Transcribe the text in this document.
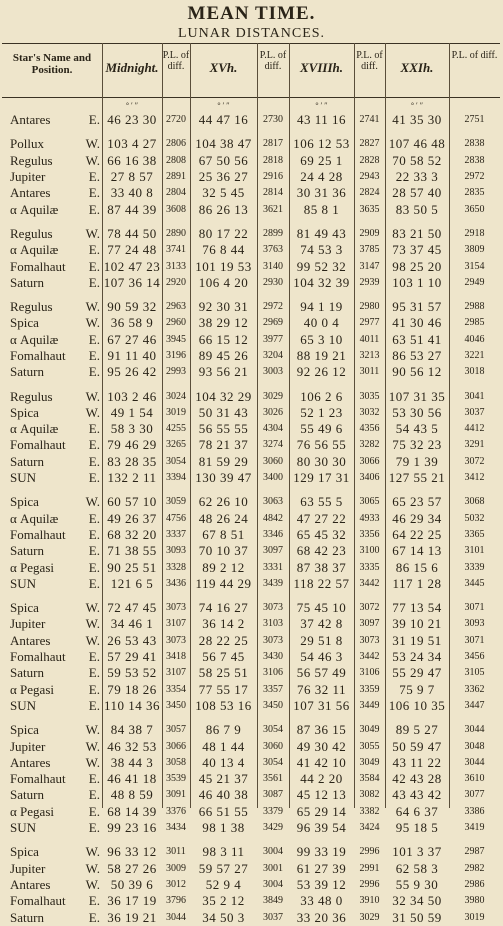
MEAN TIME.
LUNAR DISTANCES.
Star's Name and Position.	Midnight.
P.L. of diff.	XVh.
P.L. of diff.	XVIIIh.
P.L. of diff.	XXIh.
P.L. of diff.
° ′ ″	° ′ ″	° ′ ″	° ′ ″
Antares	E.	46 23 30	2720	44 47 16	2730	43 11 16	2741	41 35 30	2751

Pollux	W.	103 4 27	2806	104 38 47	2817	106 12 53	2827	107 46 48	2838
Regulus	W.	66 16 38	2808	67 50 56	2818	69 25 1	2828	70 58 52	2838
Jupiter	E.	27 8 57	2891	25 36 27	2916	24 4 28	2943	22 33 3	2972
Antares	E.	33 40 8	2804	32 5 45	2814	30 31 36	2824	28 57 40	2835
α Aquilæ	E.	87 44 39	3608	86 26 13	3621	85 8 1	3635	83 50 5	3650

Regulus	W.	78 44 50	2890	80 17 22	2899	81 49 43	2909	83 21 50	2918
α Aquilæ	E.	77 24 48	3741	76 8 44	3763	74 53 3	3785	73 37 45	3809
Fomalhaut	E.	102 47 23	3133	101 19 53	3140	99 52 32	3147	98 25 20	3154
Saturn	E.	107 36 14	2920	106 4 20	2930	104 32 39	2939	103 1 10	2949

Regulus	W.	90 59 32	2963	92 30 31	2972	94 1 19	2980	95 31 57	2988
Spica	W.	36 58 9	2960	38 29 12	2969	40 0 4	2977	41 30 46	2985
α Aquilæ	E.	67 27 46	3945	66 15 12	3977	65 3 10	4011	63 51 41	4046
Fomalhaut	E.	91 11 40	3196	89 45 26	3204	88 19 21	3213	86 53 27	3221
Saturn	E.	95 26 42	2993	93 56 21	3003	92 26 12	3011	90 56 12	3018

Regulus	W.	103 2 46	3024	104 32 29	3029	106 2 6	3035	107 31 35	3041
Spica	W.	49 1 54	3019	50 31 43	3026	52 1 23	3032	53 30 56	3037
α Aquilæ	E.	58 3 30	4255	56 55 55	4304	55 49 6	4356	54 43 5	4412
Fomalhaut	E.	79 46 29	3265	78 21 37	3274	76 56 55	3282	75 32 23	3291
Saturn	E.	83 28 35	3054	81 59 29	3060	80 30 30	3066	79 1 39	3072
SUN	E.	132 2 11	3394	130 39 47	3400	129 17 31	3406	127 55 21	3412

Spica	W.	60 57 10	3059	62 26 10	3063	63 55 5	3065	65 23 57	3068
α Aquilæ	E.	49 26 37	4756	48 26 24	4842	47 27 22	4933	46 29 34	5032
Fomalhaut	E.	68 32 20	3337	67 8 51	3346	65 45 32	3356	64 22 25	3365
Saturn	E.	71 38 55	3093	70 10 37	3097	68 42 23	3100	67 14 13	3101
α Pegasi	E.	90 25 51	3328	89 2 12	3331	87 38 37	3335	86 15 6	3339
SUN	E.	121 6 5	3436	119 44 29	3439	118 22 57	3442	117 1 28	3445

Spica	W.	72 47 45	3073	74 16 27	3073	75 45 10	3072	77 13 54	3071
Jupiter	W.	34 46 1	3107	36 14 2	3103	37 42 8	3097	39 10 21	3093
Antares	W.	26 53 43	3073	28 22 25	3073	29 51 8	3073	31 19 51	3071
Fomalhaut	E.	57 29 41	3418	56 7 45	3430	54 46 3	3442	53 24 34	3456
Saturn	E.	59 53 52	3107	58 25 51	3106	56 57 49	3106	55 29 47	3105
α Pegasi	E.	79 18 26	3354	77 55 17	3357	76 32 11	3359	75 9 7	3362
SUN	E.	110 14 36	3450	108 53 16	3450	107 31 56	3449	106 10 35	3447

Spica	W.	84 38 7	3057	86 7 9	3054	87 36 15	3049	89 5 27	3044
Jupiter	W.	46 32 53	3066	48 1 44	3060	49 30 42	3055	50 59 47	3048
Antares	W.	38 44 3	3058	40 13 4	3054	41 42 10	3049	43 11 22	3044
Fomalhaut	E.	46 41 18	3539	45 21 37	3561	44 2 20	3584	42 43 28	3610
Saturn	E.	48 8 59	3091	46 40 38	3087	45 12 13	3082	43 43 42	3077
α Pegasi	E.	68 14 39	3376	66 51 55	3379	65 29 14	3382	64 6 37	3386
SUN	E.	99 23 16	3434	98 1 38	3429	96 39 54	3424	95 18 5	3419

Spica	W.	96 33 12	3011	98 3 11	3004	99 33 19	2996	101 3 37	2987
Jupiter	W.	58 27 26	3009	59 57 27	3001	61 27 39	2991	62 58 3	2982
Antares	W.	50 39 6	3012	52 9 4	3004	53 39 12	2996	55 9 30	2986
Fomalhaut	E.	36 17 19	3796	35 2 12	3849	33 48 0	3910	32 34 50	3980
Saturn	E.	36 19 21	3044	34 50 3	3037	33 20 36	3029	31 50 59	3019
